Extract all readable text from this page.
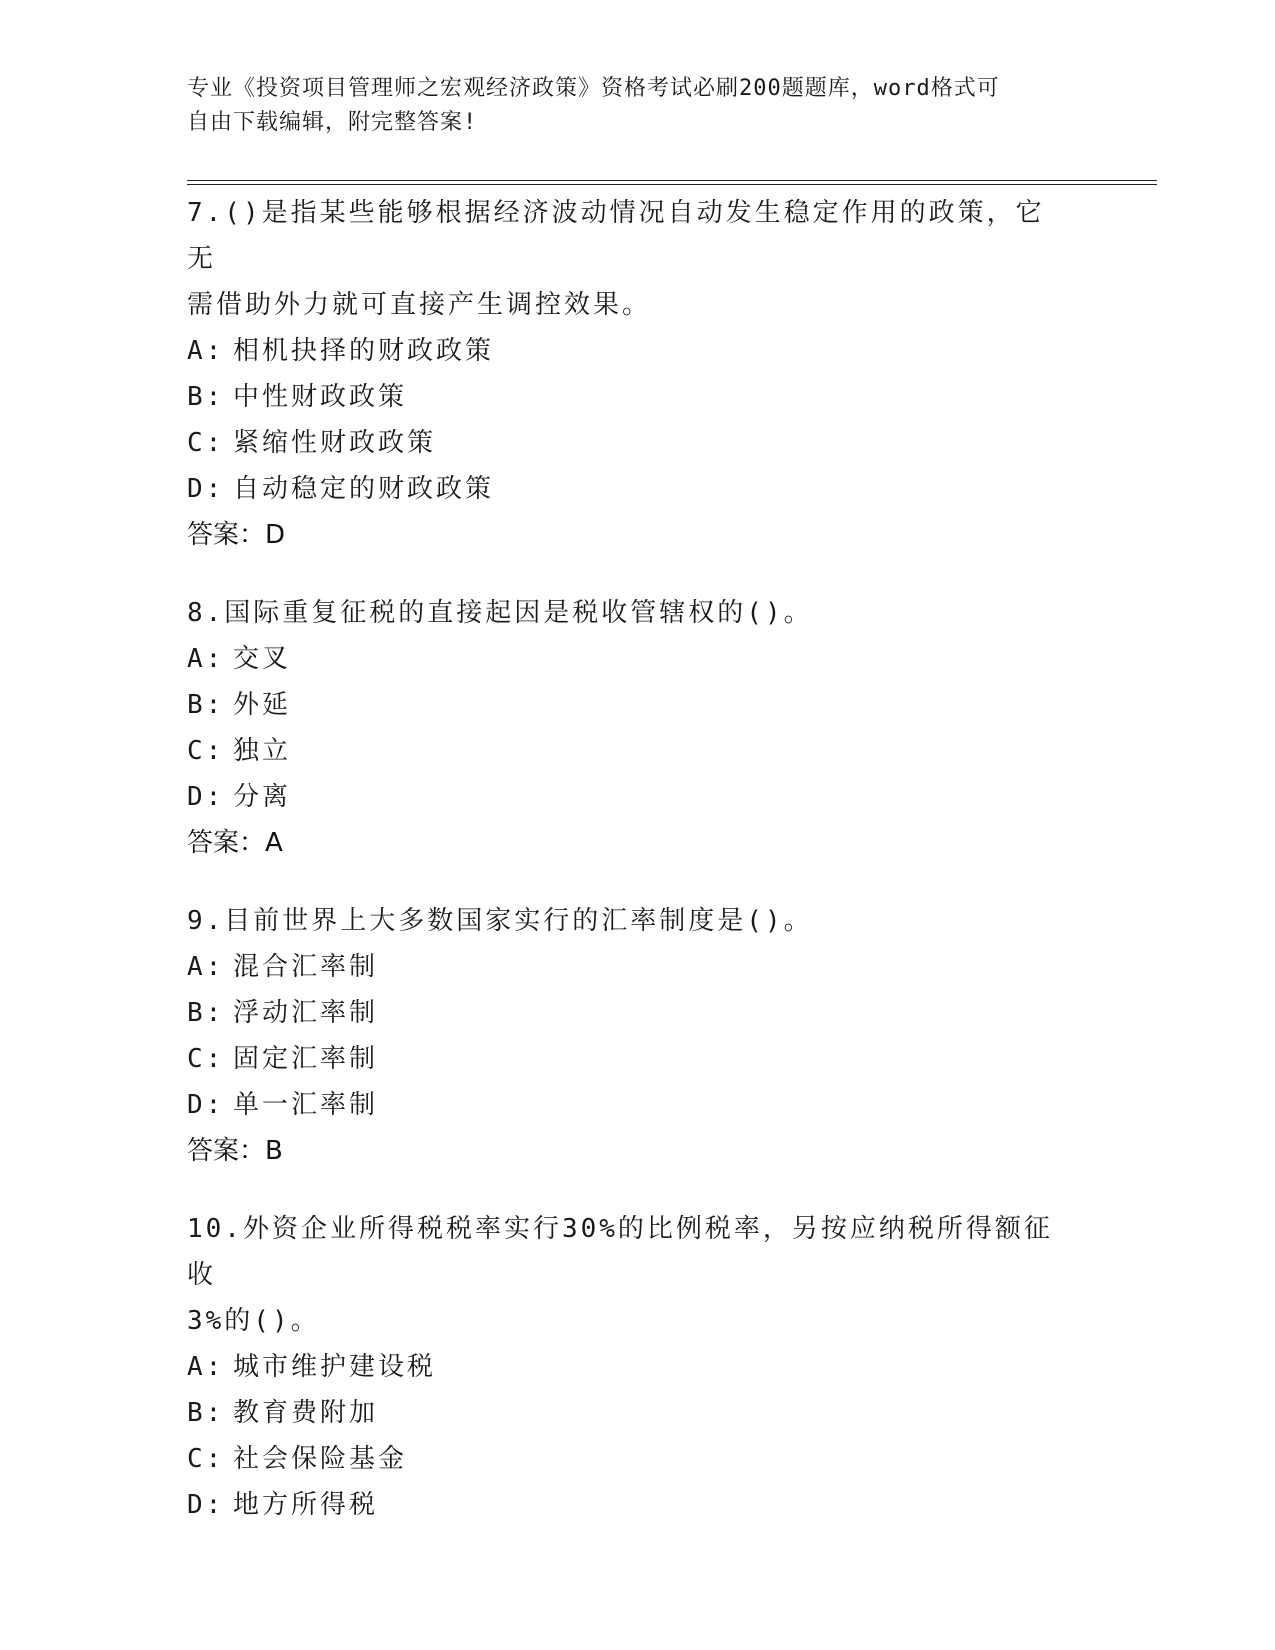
专业《投资项目管理师之宏观经济政策》资格考试必刷200题题库，word格式可

自由下载编辑，附完整答案!

7.()是指某些能够根据经济波动情况自动发生稳定作用的政策，它无

需借助外力就可直接产生调控效果。

A: 相机抉择的财政政策

B: 中性财政政策

C: 紧缩性财政政策

D: 自动稳定的财政政策

答案：D

8.国际重复征税的直接起因是税收管辖权的()。

A: 交叉

B: 外延

C: 独立

D: 分离

答案：A

9.目前世界上大多数国家实行的汇率制度是()。

A: 混合汇率制

B: 浮动汇率制

C: 固定汇率制

D: 单一汇率制

答案：B

10.外资企业所得税税率实行30%的比例税率，另按应纳税所得额征收

3%的()。

A: 城市维护建设税

B: 教育费附加

C: 社会保险基金

D: 地方所得税
